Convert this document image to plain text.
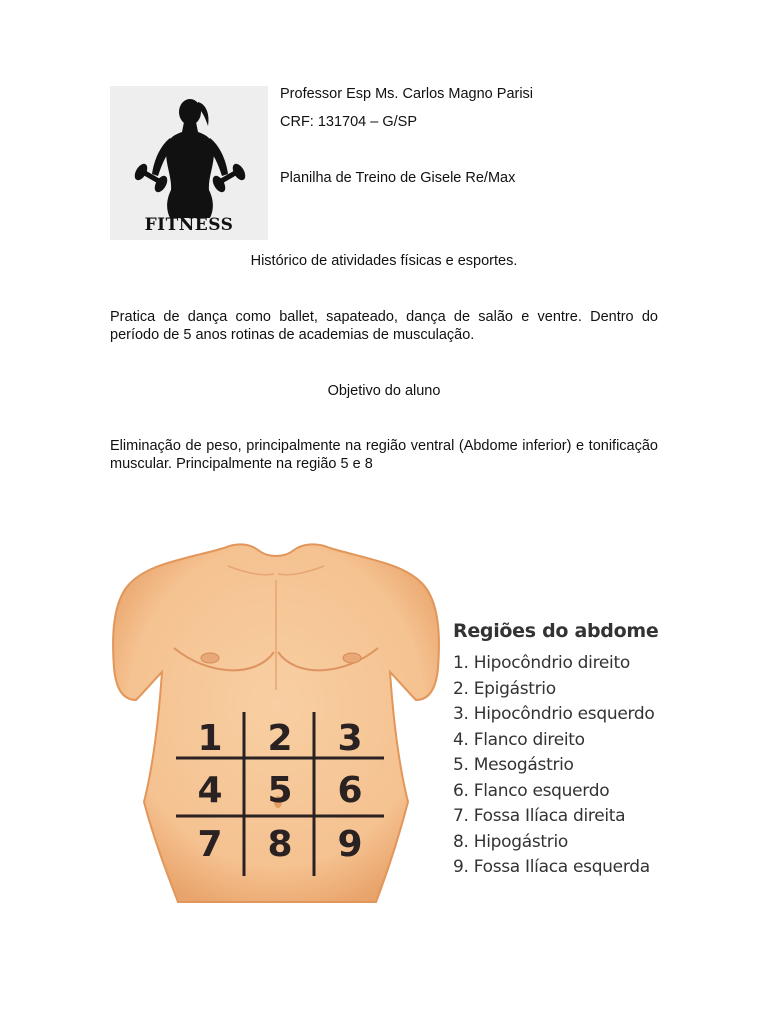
FITNESS
Professor Esp Ms. Carlos Magno Parisi
CRF: 131704 – G/SP
Planilha de Treino de Gisele Re/Max
Histórico de atividades físicas e esportes.
Pratica de dança como ballet, sapateado, dança de salão e ventre. Dentro do período de 5 anos rotinas de academias de musculação.
Objetivo do aluno
Eliminação de peso, principalmente na região ventral (Abdome inferior) e tonificação muscular. Principalmente na região 5 e 8
1 2 3
4 5 6
7 8 9
Regiões do abdome
1. Hipocôndrio direito
2. Epigástrio
3. Hipocôndrio esquerdo
4. Flanco direito
5. Mesogástrio
6. Flanco esquerdo
7. Fossa Ilíaca direita
8. Hipogástrio
9. Fossa Ilíaca esquerda
